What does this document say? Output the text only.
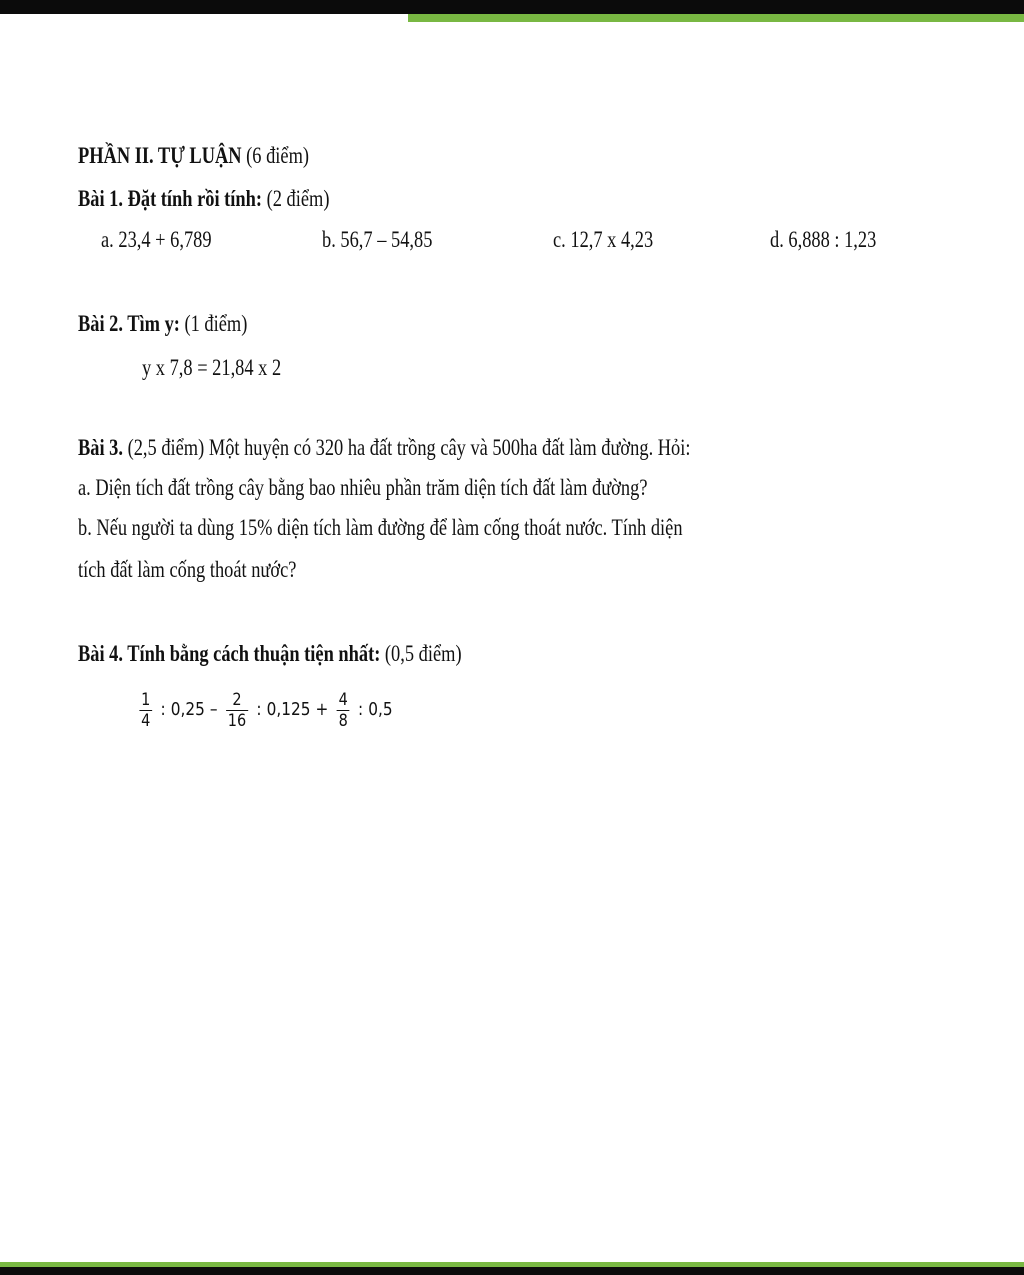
PHẦN II. TỰ LUẬN (6 điểm)
Bài 1. Đặt tính rồi tính: (2 điểm)
a. 23,4 + 6,789	b. 56,7 – 54,85	c. 12,7 x 4,23	d. 6,888 : 1,23
Bài 2. Tìm y: (1 điểm)
y x 7,8 = 21,84 x 2
Bài 3. (2,5 điểm) Một huyện có 320 ha đất trồng cây và 500ha đất làm đường. Hỏi:
a. Diện tích đất trồng cây bằng bao nhiêu phần trăm diện tích đất làm đường?
b. Nếu người ta dùng 15% diện tích làm đường để làm cống thoát nước. Tính diện
tích đất làm cống thoát nước?
Bài 4. Tính bằng cách thuận tiện nhất: (0,5 điểm)
$\frac{1}{4}$ : $0,25 - \frac{2}{16}$ : $0,125 + \frac{4}{8}$ : 0,5
